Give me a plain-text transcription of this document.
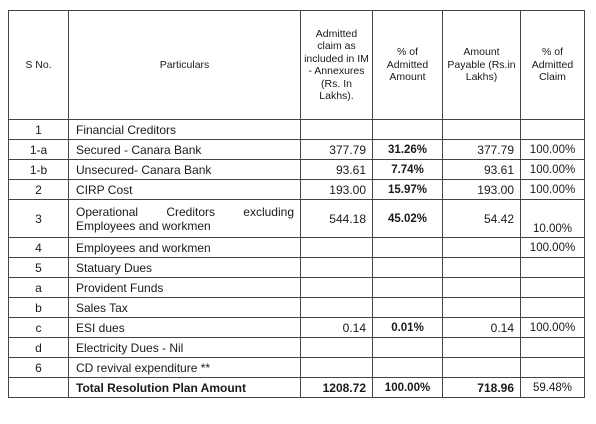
S No.	Particulars	Admitted claim as included in IM - Annexures (Rs. In Lakhs).	% of Admitted Amount	Amount Payable (Rs.in Lakhs)	% of Admitted Claim
1	Financial Creditors				
1-a	Secured - Canara Bank	377.79	31.26%	377.79	100.00%
1-b	Unsecured- Canara Bank	93.61	7.74%	93.61	100.00%
2	CIRP Cost	193.00	15.97%	193.00	100.00%
3	Operational Creditors excluding Employees and workmen	544.18	45.02%	54.42	10.00%
4	Employees and workmen				100.00%
5	Statuary Dues				
a	Provident Funds				
b	Sales Tax				
c	ESI dues	0.14	0.01%	0.14	100.00%
d	Electricity Dues - Nil				
6	CD revival expenditure **				
	Total Resolution Plan Amount	1208.72	100.00%	718.96	59.48%
